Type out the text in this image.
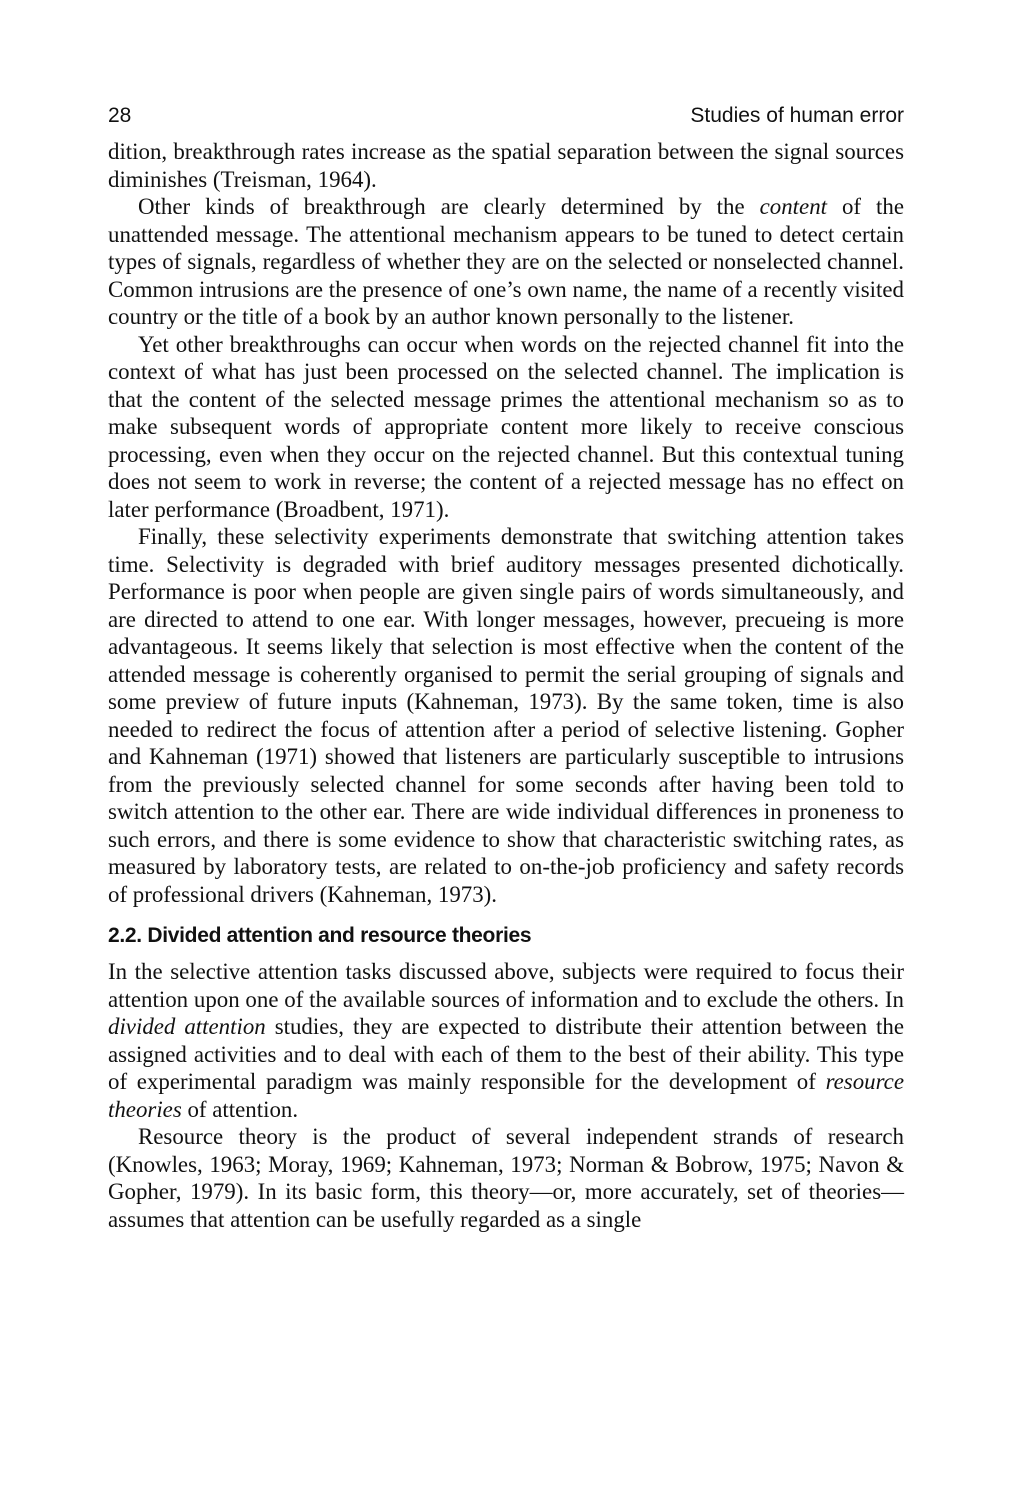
28	Studies of human error

dition, breakthrough rates increase as the spatial separation between the signal sources diminishes (Treisman, 1964).

Other kinds of breakthrough are clearly determined by the content of the unattended message. The attentional mechanism appears to be tuned to detect certain types of signals, regardless of whether they are on the selected or nonselected channel. Common intrusions are the presence of one’s own name, the name of a recently visited country or the title of a book by an author known personally to the listener.

Yet other breakthroughs can occur when words on the rejected channel fit into the context of what has just been processed on the selected channel. The implication is that the content of the selected message primes the attentional mechanism so as to make subsequent words of appropriate content more likely to receive conscious processing, even when they occur on the rejected channel. But this contextual tuning does not seem to work in reverse; the content of a rejected message has no effect on later performance (Broadbent, 1971).

Finally, these selectivity experiments demonstrate that switching attention takes time. Selectivity is degraded with brief auditory messages presented dichotically. Performance is poor when people are given single pairs of words simultaneously, and are directed to attend to one ear. With longer messages, however, precueing is more advantageous. It seems likely that selection is most effective when the content of the attended message is coherently organised to permit the serial grouping of signals and some preview of future inputs (Kahneman, 1973). By the same token, time is also needed to redirect the focus of attention after a period of selective listening. Gopher and Kahneman (1971) showed that listeners are particularly susceptible to intrusions from the previously selected channel for some seconds after having been told to switch attention to the other ear. There are wide individual differences in proneness to such errors, and there is some evidence to show that characteristic switching rates, as measured by laboratory tests, are related to on-the-job proficiency and safety records of professional drivers (Kahneman, 1973).

2.2. Divided attention and resource theories

In the selective attention tasks discussed above, subjects were required to focus their attention upon one of the available sources of information and to exclude the others. In divided attention studies, they are expected to distribute their attention between the assigned activities and to deal with each of them to the best of their ability. This type of experimental paradigm was mainly responsible for the development of resource theories of attention.

Resource theory is the product of several independent strands of research (Knowles, 1963; Moray, 1969; Kahneman, 1973; Norman & Bobrow, 1975; Navon & Gopher, 1979). In its basic form, this theory—or, more accurately, set of theories—assumes that attention can be usefully regarded as a single
